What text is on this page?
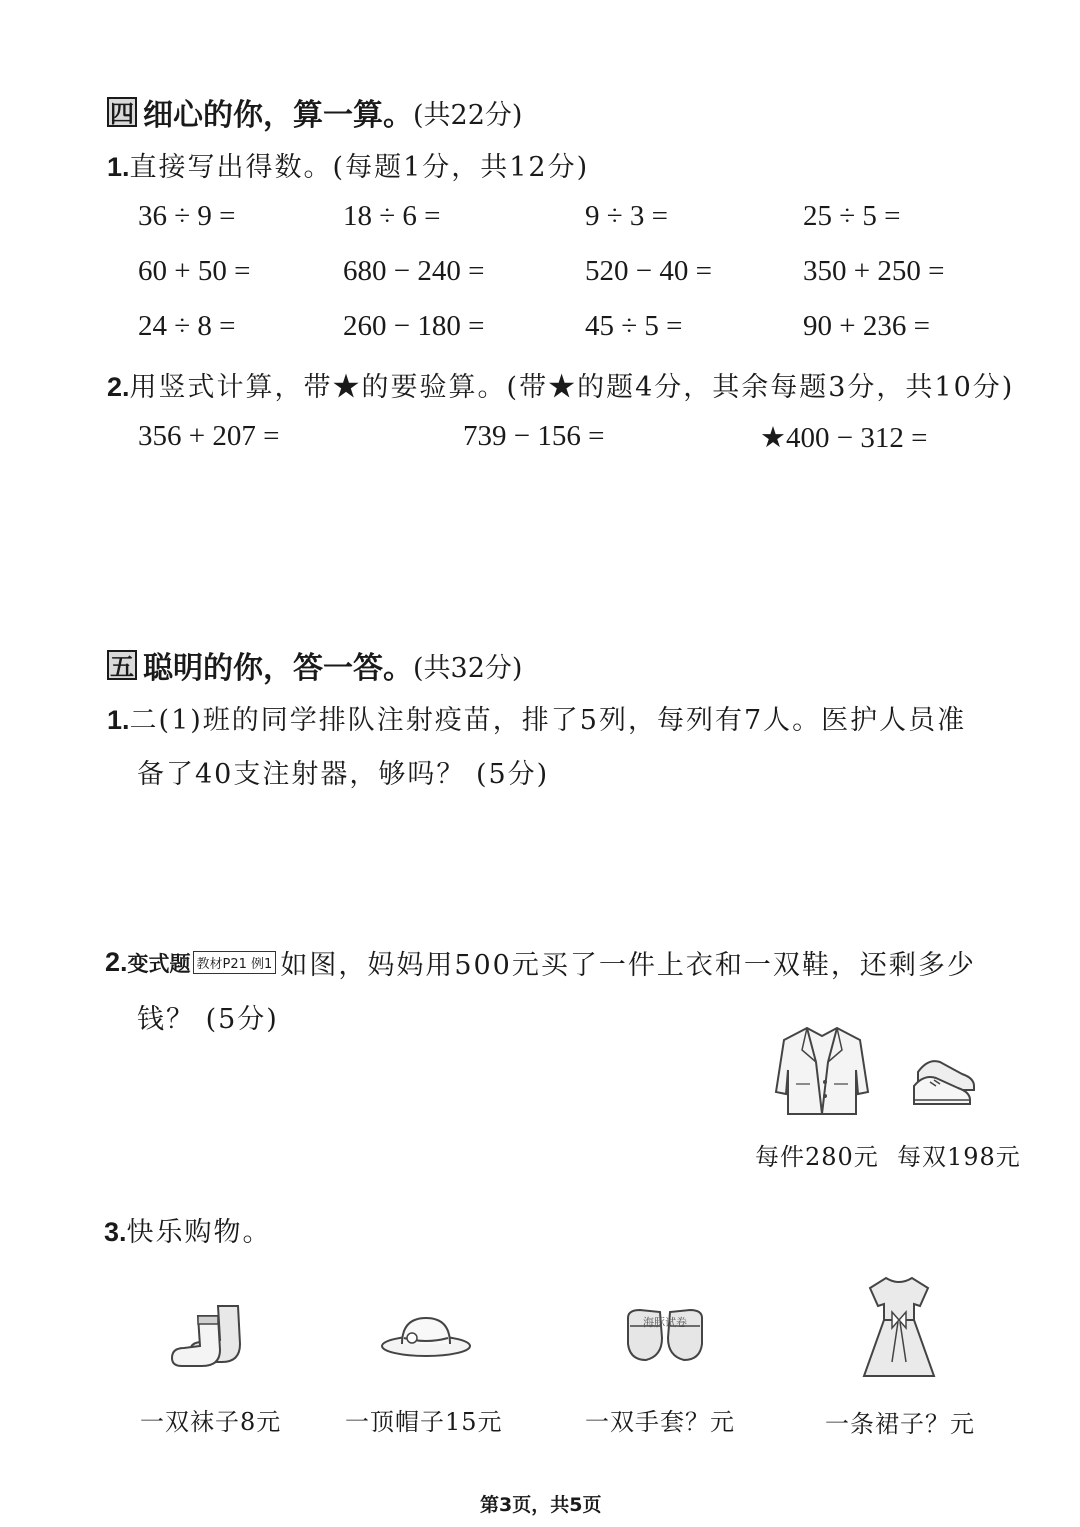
四 细心的你，算一算。 (共22分)
1.直接写出得数。(每题1分，共12分)
36 ÷ 9 =	18 ÷ 6 =	9 ÷ 3 =	25 ÷ 5 =
60 + 50 =	680 − 240 =	520 − 40 =	350 + 250 =
24 ÷ 8 =	260 − 180 =	45 ÷ 5 =	90 + 236 =
2.用竖式计算，带★的要验算。(带★的题4分，其余每题3分，共10分)
356 + 207 =	739 − 156 =	★400 − 312 =
五 聪明的你，答一答。 (共32分)
1.二(1)班的同学排队注射疫苗，排了5列，每列有7人。医护人员准
备了40支注射器，够吗？ (5分)
2. 变式题 教材P21 例1 如图，妈妈用500元买了一件上衣和一双鞋，还剩多少
钱？ (5分)
每件280元 每双198元
3.快乐购物。
海豚试卷
一双袜子8元	一顶帽子15元	一双手套？元	一条裙子？元
第3页，共5页
